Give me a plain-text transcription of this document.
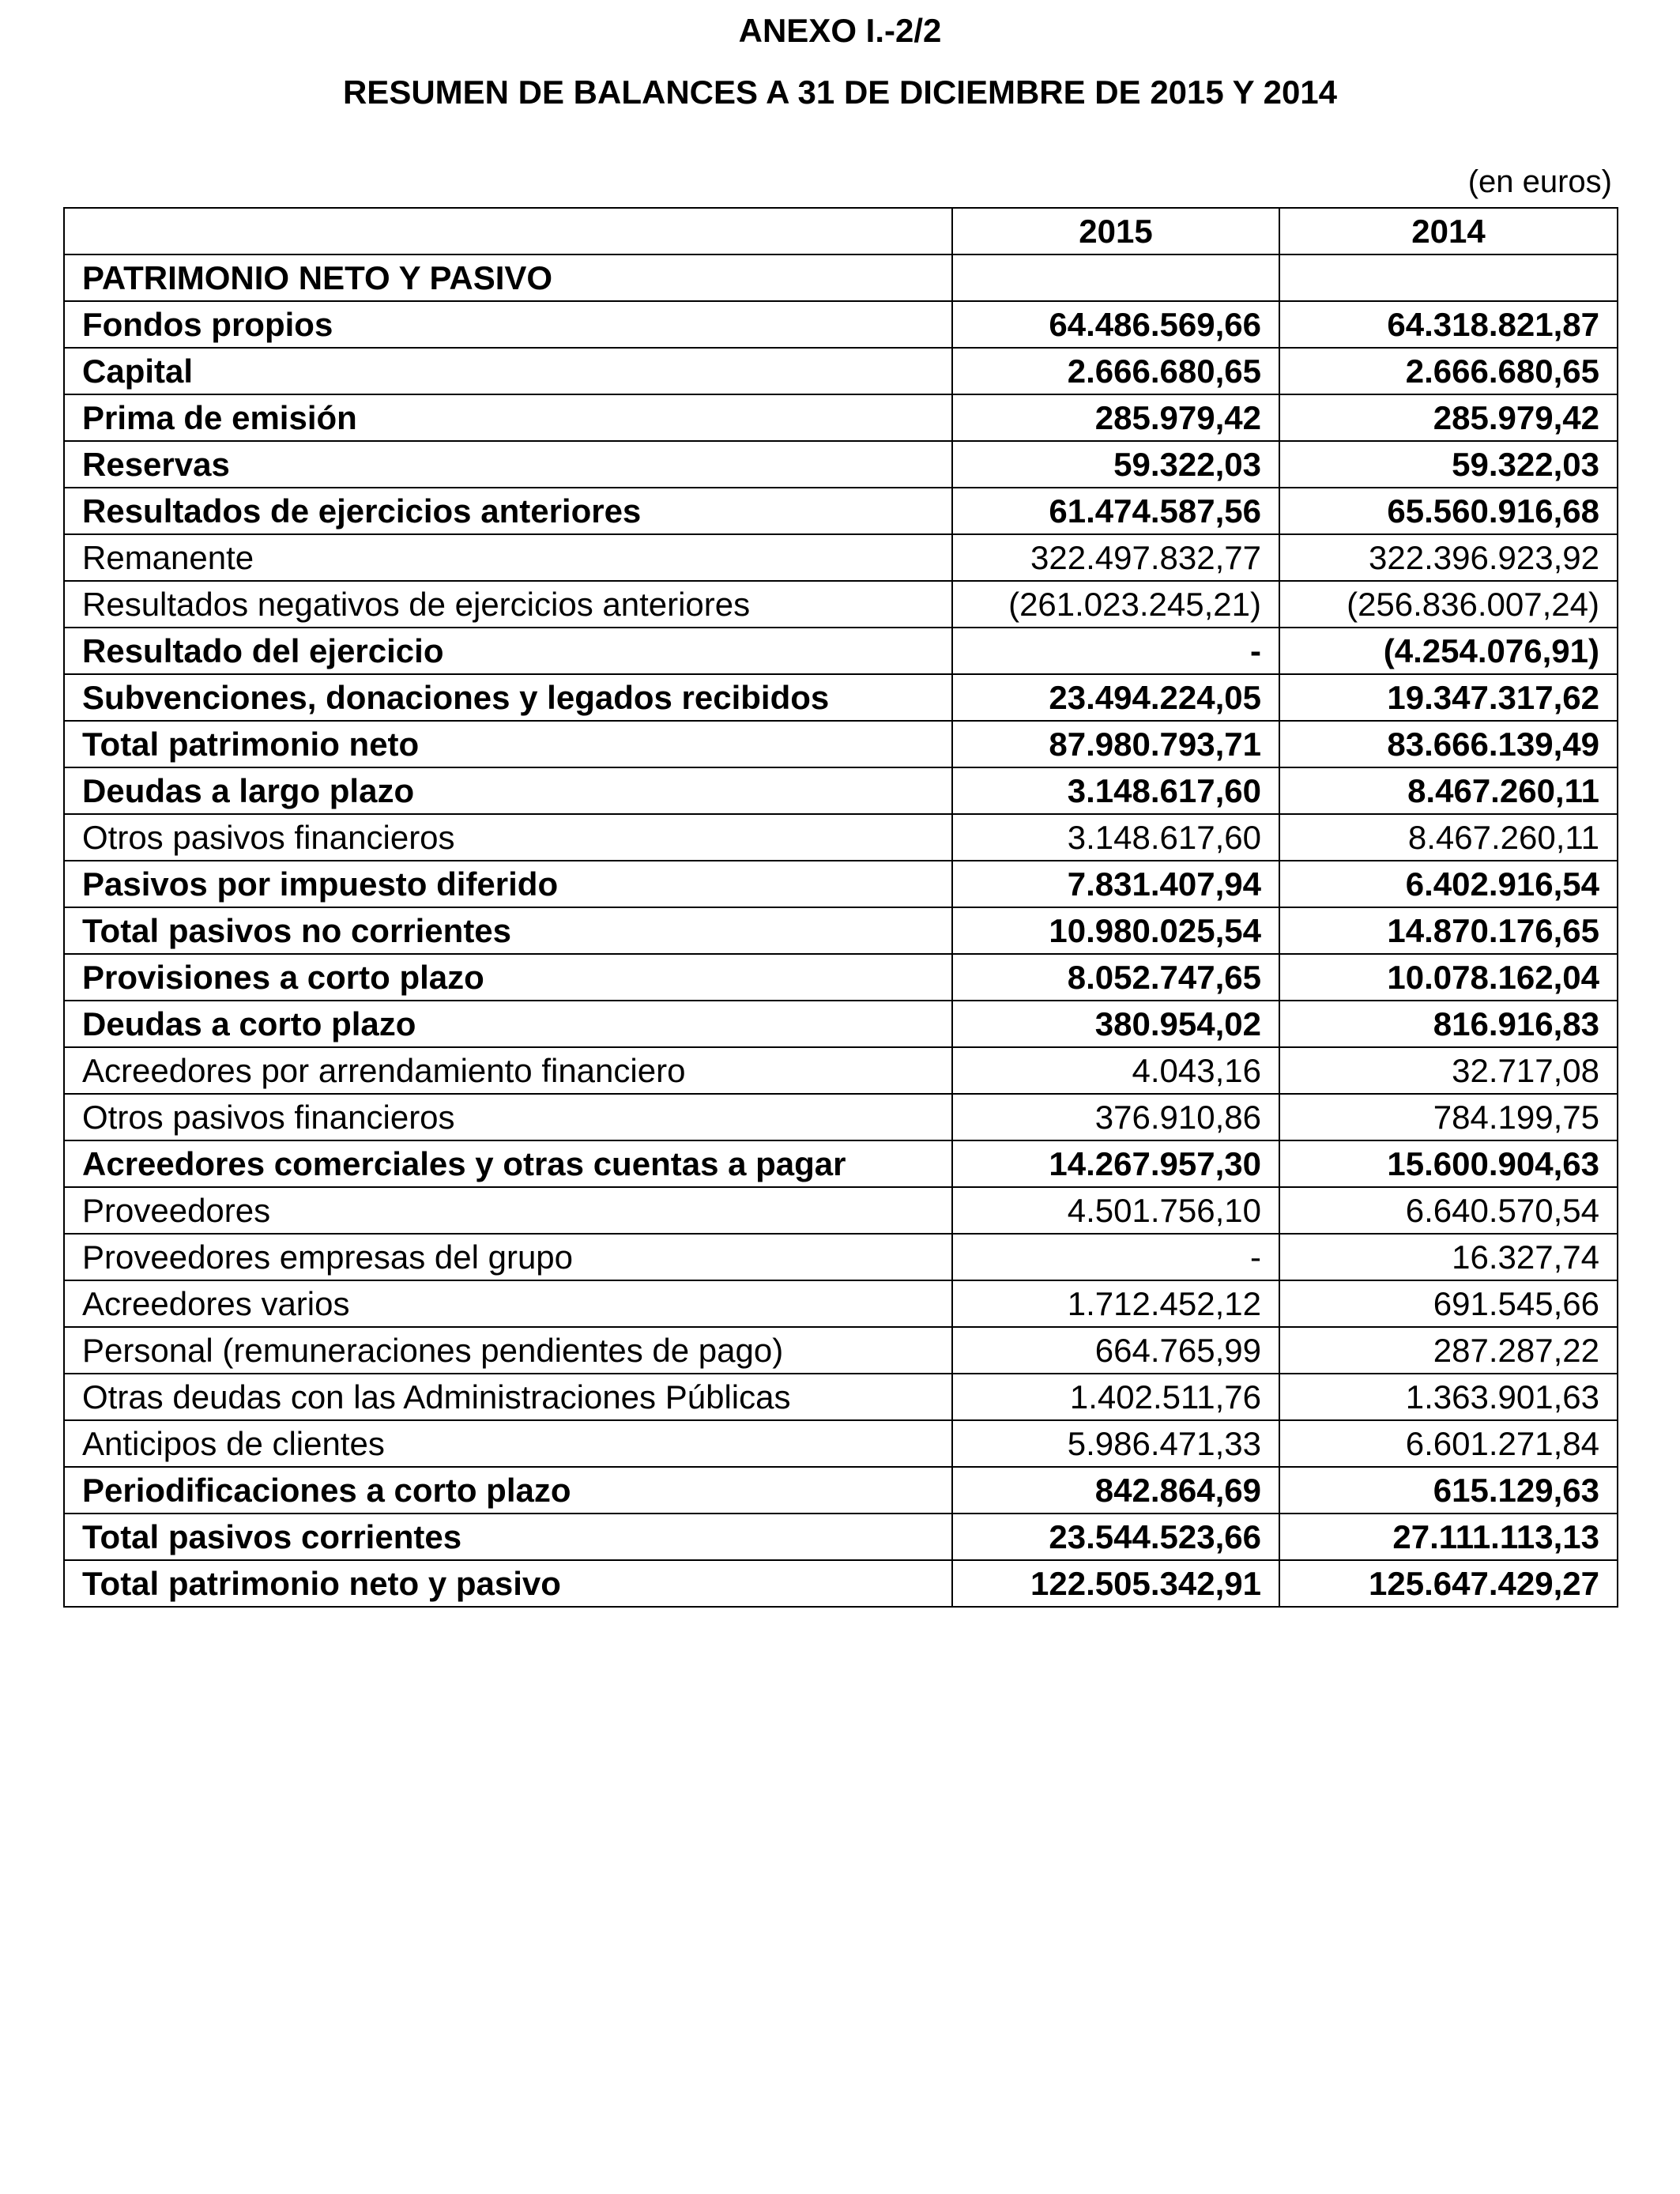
ANEXO I.-2/2
RESUMEN DE BALANCES A 31 DE DICIEMBRE DE 2015 Y 2014
(en euros)
	2015	2014
PATRIMONIO NETO Y PASIVO		
Fondos propios	64.486.569,66	64.318.821,87
Capital	2.666.680,65	2.666.680,65
Prima de emisión	285.979,42	285.979,42
Reservas	59.322,03	59.322,03
Resultados de ejercicios anteriores	61.474.587,56	65.560.916,68
Remanente	322.497.832,77	322.396.923,92
Resultados negativos de ejercicios anteriores	(261.023.245,21)	(256.836.007,24)
Resultado del ejercicio	-	(4.254.076,91)
Subvenciones, donaciones y legados recibidos	23.494.224,05	19.347.317,62
Total patrimonio neto	87.980.793,71	83.666.139,49
Deudas a largo plazo	3.148.617,60	8.467.260,11
Otros pasivos financieros	3.148.617,60	8.467.260,11
Pasivos por impuesto diferido	7.831.407,94	6.402.916,54
Total pasivos no corrientes	10.980.025,54	14.870.176,65
Provisiones a corto plazo	8.052.747,65	10.078.162,04
Deudas a corto plazo	380.954,02	816.916,83
Acreedores por arrendamiento financiero	4.043,16	32.717,08
Otros pasivos financieros	376.910,86	784.199,75
Acreedores comerciales y otras cuentas a pagar	14.267.957,30	15.600.904,63
Proveedores	4.501.756,10	6.640.570,54
Proveedores empresas del grupo	-	16.327,74
Acreedores varios	1.712.452,12	691.545,66
Personal (remuneraciones pendientes de pago)	664.765,99	287.287,22
Otras deudas con las Administraciones Públicas	1.402.511,76	1.363.901,63
Anticipos de clientes	5.986.471,33	6.601.271,84
Periodificaciones a corto plazo	842.864,69	615.129,63
Total pasivos corrientes	23.544.523,66	27.111.113,13
Total patrimonio neto y pasivo	122.505.342,91	125.647.429,27
